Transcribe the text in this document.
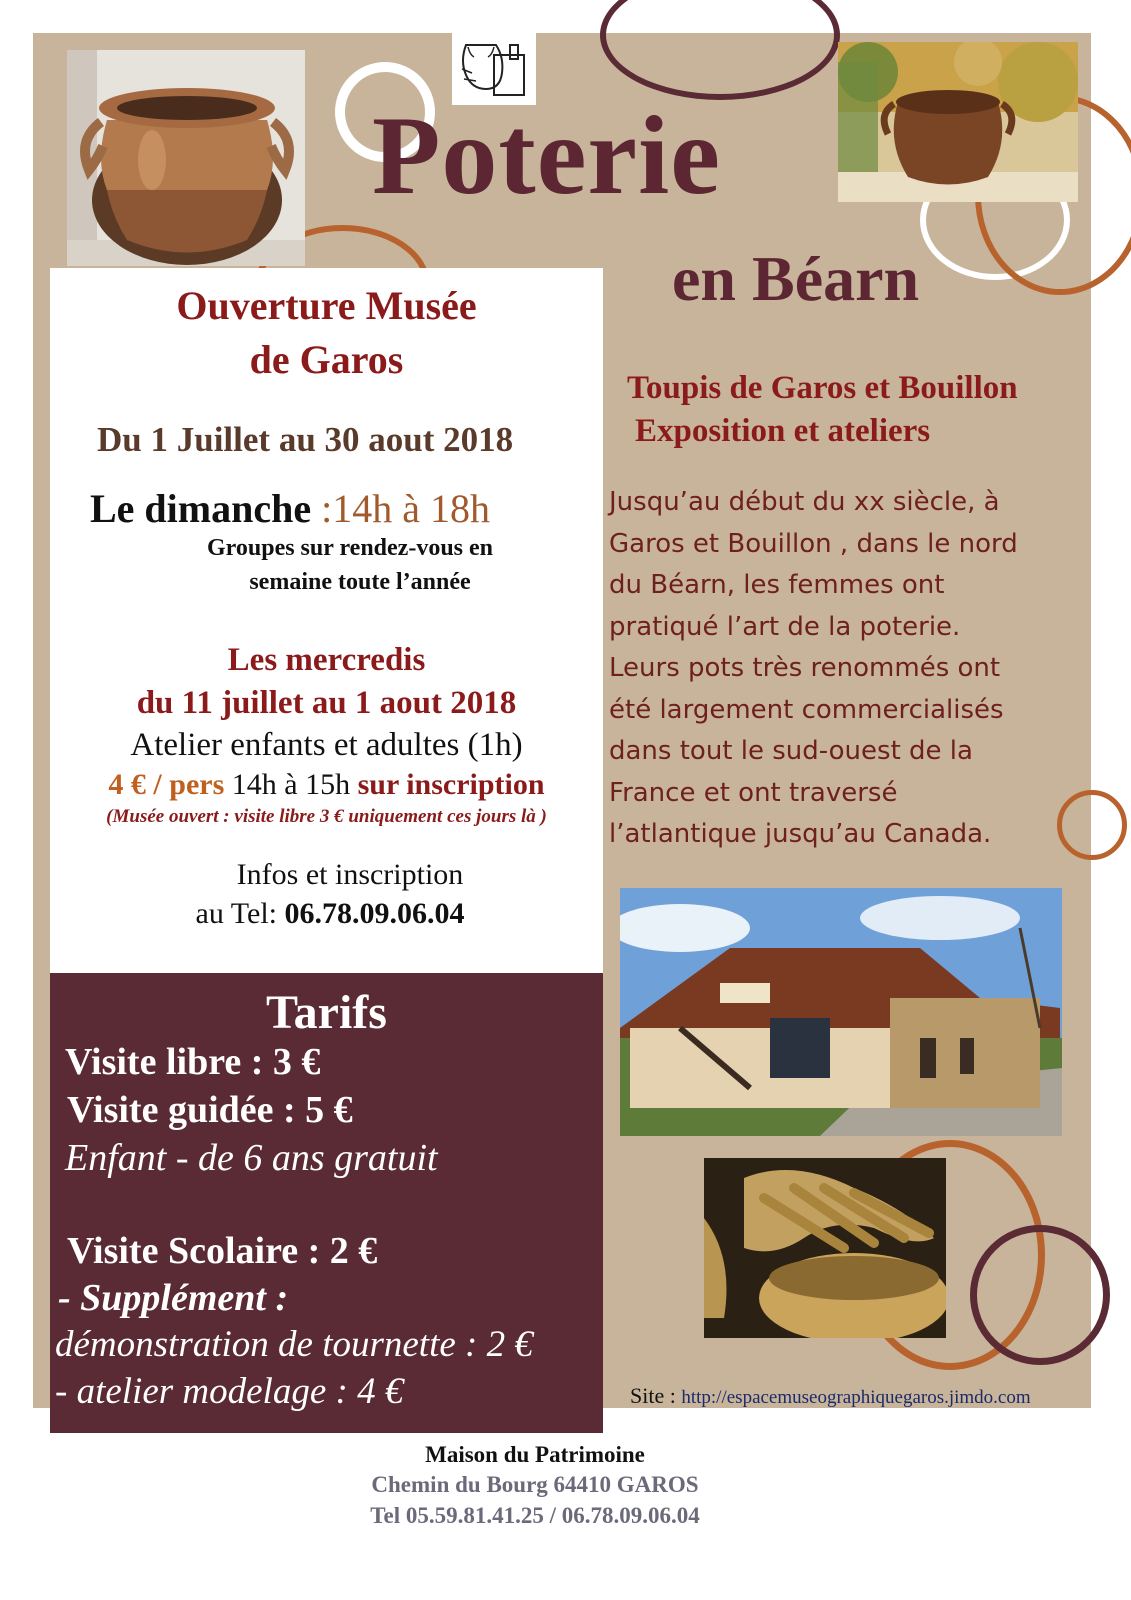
Poterie
en Béarn
Ouverture Musée
de Garos
Du 1 Juillet au 30 aout 2018
Le dimanche :14h à 18h
Groupes sur rendez-vous en
semaine toute l’année
Les mercredis
du 11 juillet au 1 aout 2018
Atelier enfants et adultes (1h)
4 € / pers 14h à 15h sur inscription
(Musée ouvert : visite libre 3 € uniquement ces jours là )
Infos et inscription
au Tel: 06.78.09.06.04
Tarifs
Visite libre : 3 €
Visite guidée : 5 €
Enfant - de 6 ans gratuit
Visite Scolaire : 2 €
- Supplément :
démonstration de tournette : 2 €
- atelier modelage : 4 €
Toupis de Garos et Bouillon
Exposition et ateliers
Jusqu’au début du xx siècle, à
Garos et Bouillon , dans le nord
du Béarn, les femmes ont
pratiqué l’art de la poterie.
Leurs pots très renommés ont
été largement commercialisés
dans tout le sud-ouest de la
France et ont traversé
l’atlantique jusqu’au Canada.
Site : http://espacemuseographiquegaros.jimdo.com
Maison du Patrimoine
Chemin du Bourg 64410 GAROS
Tel 05.59.81.41.25 / 06.78.09.06.04
